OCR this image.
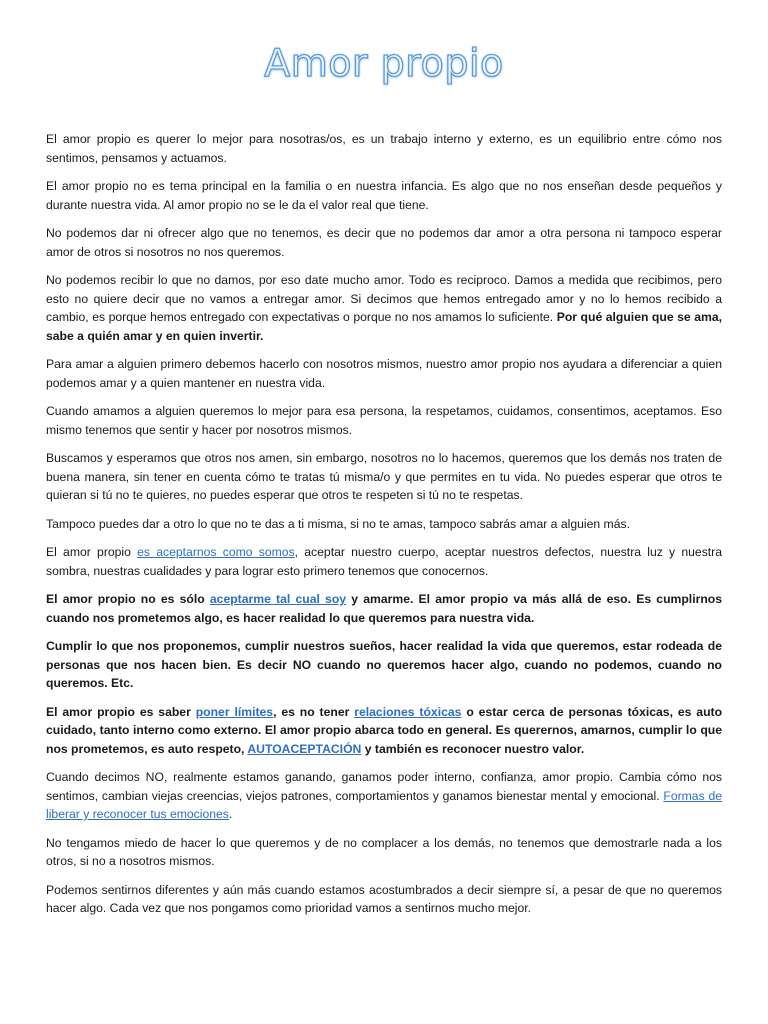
Amor propio

El amor propio es querer lo mejor para nosotras/os, es un trabajo interno y externo, es un equilibrio entre cómo nos sentimos, pensamos y actuamos.

El amor propio no es tema principal en la familia o en nuestra infancia. Es algo que no nos enseñan desde pequeños y durante nuestra vida. Al amor propio no se le da el valor real que tiene.

No podemos dar ni ofrecer algo que no tenemos, es decir que no podemos dar amor a otra persona ni tampoco esperar amor de otros si nosotros no nos queremos.

No podemos recibir lo que no damos, por eso date mucho amor. Todo es reciproco. Damos a medida que recibimos, pero esto no quiere decir que no vamos a entregar amor. Si decimos que hemos entregado amor y no lo hemos recibido a cambio, es porque hemos entregado con expectativas o porque no nos amamos lo suficiente. Por qué alguien que se ama, sabe a quién amar y en quien invertir.

Para amar a alguien primero debemos hacerlo con nosotros mismos, nuestro amor propio nos ayudara a diferenciar a quien podemos amar y a quien mantener en nuestra vida.

Cuando amamos a alguien queremos lo mejor para esa persona, la respetamos, cuidamos, consentimos, aceptamos. Eso mismo tenemos que sentir y hacer por nosotros mismos.

Buscamos y esperamos que otros nos amen, sin embargo, nosotros no lo hacemos, queremos que los demás nos traten de buena manera, sin tener en cuenta cómo te tratas tú misma/o y que permites en tu vida. No puedes esperar que otros te quieran si tú no te quieres, no puedes esperar que otros te respeten si tú no te respetas.

Tampoco puedes dar a otro lo que no te das a ti misma, si no te amas, tampoco sabrás amar a alguien más.

El amor propio es aceptarnos como somos, aceptar nuestro cuerpo, aceptar nuestros defectos, nuestra luz y nuestra sombra, nuestras cualidades y para lograr esto primero tenemos que conocernos.

El amor propio no es sólo aceptarme tal cual soy y amarme. El amor propio va más allá de eso. Es cumplirnos cuando nos prometemos algo, es hacer realidad lo que queremos para nuestra vida.

Cumplir lo que nos proponemos, cumplir nuestros sueños, hacer realidad la vida que queremos, estar rodeada de personas que nos hacen bien. Es decir NO cuando no queremos hacer algo, cuando no podemos, cuando no queremos. Etc.

El amor propio es saber poner límites, es no tener relaciones tóxicas o estar cerca de personas tóxicas, es auto cuidado, tanto interno como externo. El amor propio abarca todo en general. Es querernos, amarnos, cumplir lo que nos prometemos, es auto respeto, AUTOACEPTACIÓN y también es reconocer nuestro valor.

Cuando decimos NO, realmente estamos ganando, ganamos poder interno, confianza, amor propio. Cambia cómo nos sentimos, cambian viejas creencias, viejos patrones, comportamientos y ganamos bienestar mental y emocional. Formas de liberar y reconocer tus emociones.

No tengamos miedo de hacer lo que queremos y de no complacer a los demás, no tenemos que demostrarle nada a los otros, si no a nosotros mismos.

Podemos sentirnos diferentes y aún más cuando estamos acostumbrados a decir siempre sí, a pesar de que no queremos hacer algo. Cada vez que nos pongamos como prioridad vamos a sentirnos mucho mejor.
